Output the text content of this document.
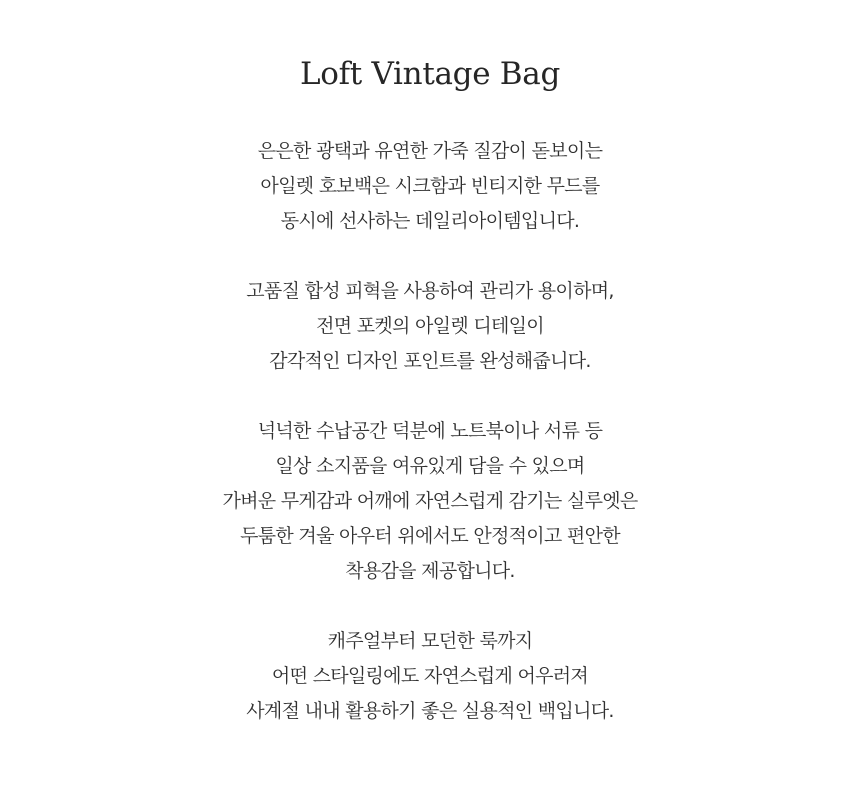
Loft Vintage Bag
은은한 광택과 유연한 가죽 질감이 돋보이는
아일렛 호보백은 시크함과 빈티지한 무드를
동시에 선사하는 데일리아이템입니다.
고품질 합성 피혁을 사용하여 관리가 용이하며,
전면 포켓의 아일렛 디테일이
감각적인 디자인 포인트를 완성해줍니다.
넉넉한 수납공간 덕분에 노트북이나 서류 등
일상 소지품을 여유있게 담을 수 있으며
가벼운 무게감과 어깨에 자연스럽게 감기는 실루엣은
두툼한 겨울 아우터 위에서도 안정적이고 편안한
착용감을 제공합니다.
캐주얼부터 모던한 룩까지
어떤 스타일링에도 자연스럽게 어우러져
사계절 내내 활용하기 좋은 실용적인 백입니다.
